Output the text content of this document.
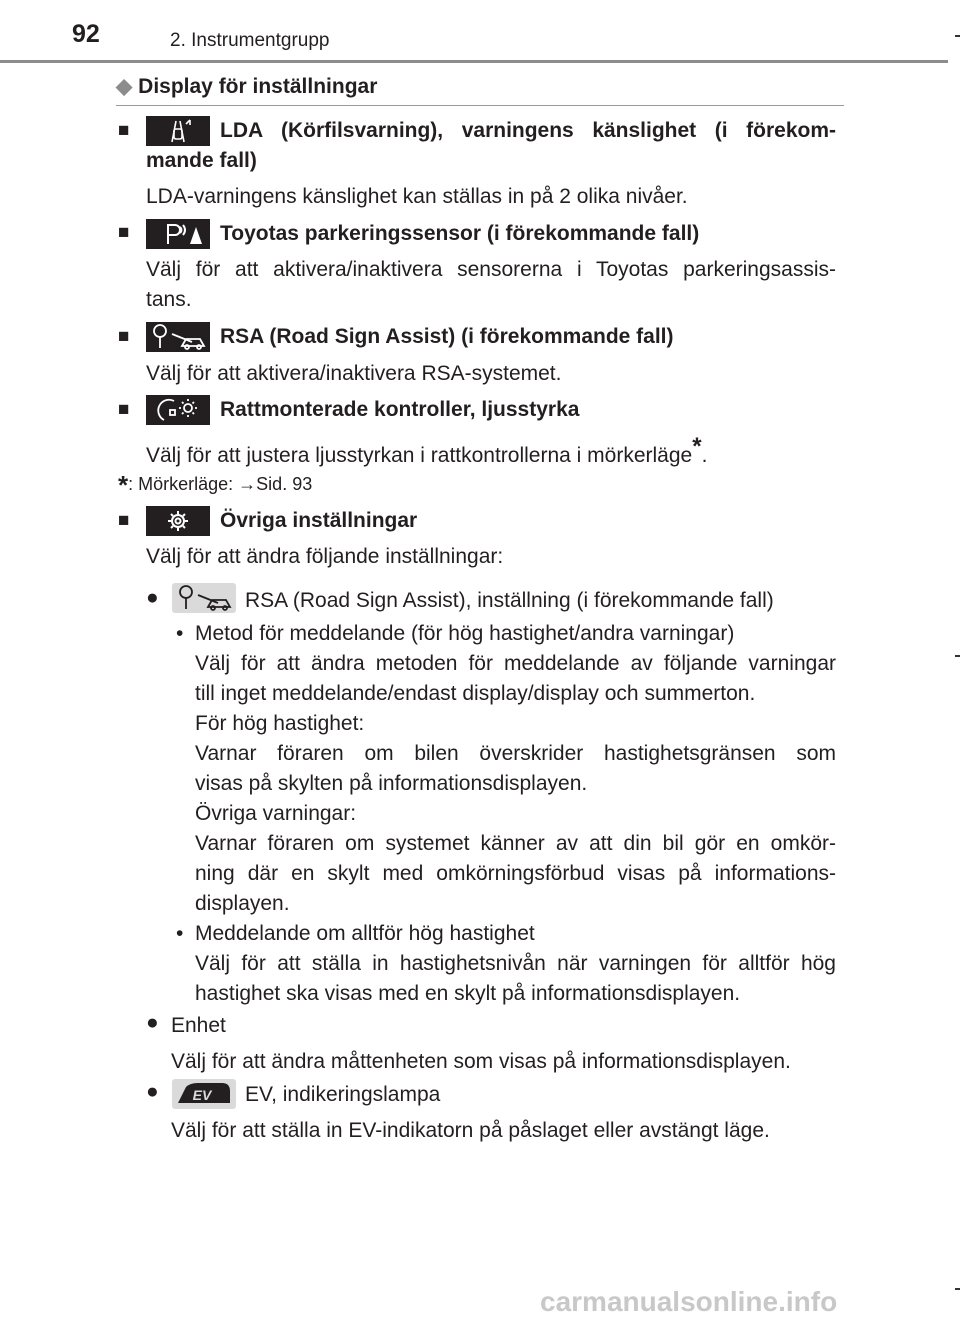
92	2. Instrumentgrupp
◆ Display för inställningar
■	LDA (Körfilsvarning), varningens känslighet (i förekom-
mande fall)
LDA-varningens känslighet kan ställas in på 2 olika nivåer.
■	Toyotas parkeringssensor (i förekommande fall)
Välj för att aktivera/inaktivera sensorerna i Toyotas parkeringsassis-
tans.
■	RSA (Road Sign Assist) (i förekommande fall)
Välj för att aktivera/inaktivera RSA-systemet.
■	Rattmonterade kontroller, ljusstyrka
Välj för att justera ljusstyrkan i rattkontrollerna i mörkerläge*.
*: Mörkerläge: →Sid. 93
■	Övriga inställningar
Välj för att ändra följande inställningar:
●	RSA (Road Sign Assist), inställning (i förekommande fall)
• Metod för meddelande (för hög hastighet/andra varningar)
Välj för att ändra metoden för meddelande av följande varningar
till inget meddelande/endast display/display och summerton.
För hög hastighet:
Varnar föraren om bilen överskrider hastighetsgränsen som
visas på skylten på informationsdisplayen.
Övriga varningar:
Varnar föraren om systemet känner av att din bil gör en omkör-
ning där en skylt med omkörningsförbud visas på informations-
displayen.
• Meddelande om alltför hög hastighet
Välj för att ställa in hastighetsnivån när varningen för alltför hög
hastighet ska visas med en skylt på informationsdisplayen.
● Enhet
Välj för att ändra måttenheten som visas på informationsdisplayen.
● EV EV, indikeringslampa
Välj för att ställa in EV-indikatorn på påslaget eller avstängt läge.
carmanualsonline.info
